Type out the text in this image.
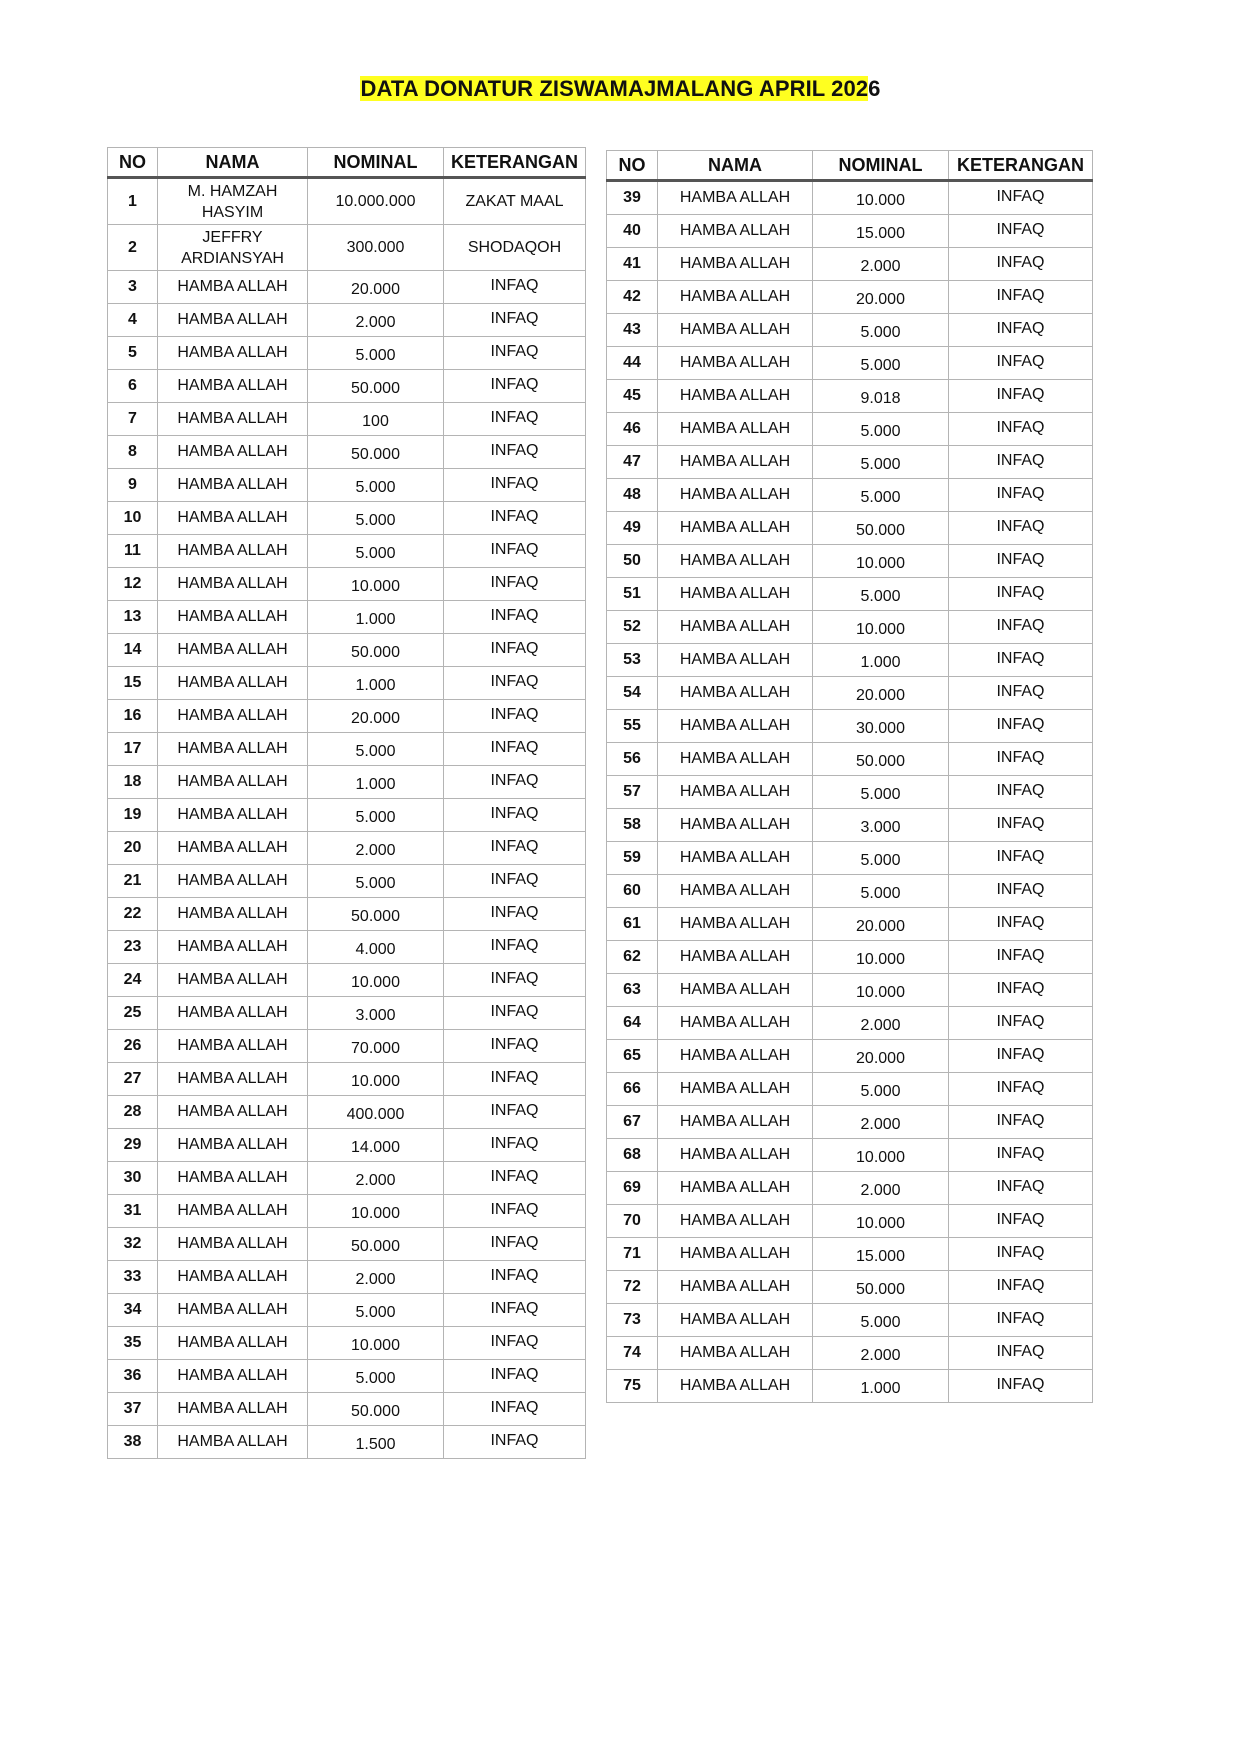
DATA DONATUR ZISWAMAJMALANG APRIL 2026
NO	NAMA	NOMINAL	KETERANGAN
1	M. HAMZAH HASYIM	10.000.000	ZAKAT MAAL
2	JEFFRY ARDIANSYAH	300.000	SHODAQOH
3	HAMBA ALLAH	20.000	INFAQ
4	HAMBA ALLAH	2.000	INFAQ
5	HAMBA ALLAH	5.000	INFAQ
6	HAMBA ALLAH	50.000	INFAQ
7	HAMBA ALLAH	100	INFAQ
8	HAMBA ALLAH	50.000	INFAQ
9	HAMBA ALLAH	5.000	INFAQ
10	HAMBA ALLAH	5.000	INFAQ
11	HAMBA ALLAH	5.000	INFAQ
12	HAMBA ALLAH	10.000	INFAQ
13	HAMBA ALLAH	1.000	INFAQ
14	HAMBA ALLAH	50.000	INFAQ
15	HAMBA ALLAH	1.000	INFAQ
16	HAMBA ALLAH	20.000	INFAQ
17	HAMBA ALLAH	5.000	INFAQ
18	HAMBA ALLAH	1.000	INFAQ
19	HAMBA ALLAH	5.000	INFAQ
20	HAMBA ALLAH	2.000	INFAQ
21	HAMBA ALLAH	5.000	INFAQ
22	HAMBA ALLAH	50.000	INFAQ
23	HAMBA ALLAH	4.000	INFAQ
24	HAMBA ALLAH	10.000	INFAQ
25	HAMBA ALLAH	3.000	INFAQ
26	HAMBA ALLAH	70.000	INFAQ
27	HAMBA ALLAH	10.000	INFAQ
28	HAMBA ALLAH	400.000	INFAQ
29	HAMBA ALLAH	14.000	INFAQ
30	HAMBA ALLAH	2.000	INFAQ
31	HAMBA ALLAH	10.000	INFAQ
32	HAMBA ALLAH	50.000	INFAQ
33	HAMBA ALLAH	2.000	INFAQ
34	HAMBA ALLAH	5.000	INFAQ
35	HAMBA ALLAH	10.000	INFAQ
36	HAMBA ALLAH	5.000	INFAQ
37	HAMBA ALLAH	50.000	INFAQ
38	HAMBA ALLAH	1.500	INFAQ
NO	NAMA	NOMINAL	KETERANGAN
39	HAMBA ALLAH	10.000	INFAQ
40	HAMBA ALLAH	15.000	INFAQ
41	HAMBA ALLAH	2.000	INFAQ
42	HAMBA ALLAH	20.000	INFAQ
43	HAMBA ALLAH	5.000	INFAQ
44	HAMBA ALLAH	5.000	INFAQ
45	HAMBA ALLAH	9.018	INFAQ
46	HAMBA ALLAH	5.000	INFAQ
47	HAMBA ALLAH	5.000	INFAQ
48	HAMBA ALLAH	5.000	INFAQ
49	HAMBA ALLAH	50.000	INFAQ
50	HAMBA ALLAH	10.000	INFAQ
51	HAMBA ALLAH	5.000	INFAQ
52	HAMBA ALLAH	10.000	INFAQ
53	HAMBA ALLAH	1.000	INFAQ
54	HAMBA ALLAH	20.000	INFAQ
55	HAMBA ALLAH	30.000	INFAQ
56	HAMBA ALLAH	50.000	INFAQ
57	HAMBA ALLAH	5.000	INFAQ
58	HAMBA ALLAH	3.000	INFAQ
59	HAMBA ALLAH	5.000	INFAQ
60	HAMBA ALLAH	5.000	INFAQ
61	HAMBA ALLAH	20.000	INFAQ
62	HAMBA ALLAH	10.000	INFAQ
63	HAMBA ALLAH	10.000	INFAQ
64	HAMBA ALLAH	2.000	INFAQ
65	HAMBA ALLAH	20.000	INFAQ
66	HAMBA ALLAH	5.000	INFAQ
67	HAMBA ALLAH	2.000	INFAQ
68	HAMBA ALLAH	10.000	INFAQ
69	HAMBA ALLAH	2.000	INFAQ
70	HAMBA ALLAH	10.000	INFAQ
71	HAMBA ALLAH	15.000	INFAQ
72	HAMBA ALLAH	50.000	INFAQ
73	HAMBA ALLAH	5.000	INFAQ
74	HAMBA ALLAH	2.000	INFAQ
75	HAMBA ALLAH	1.000	INFAQ
